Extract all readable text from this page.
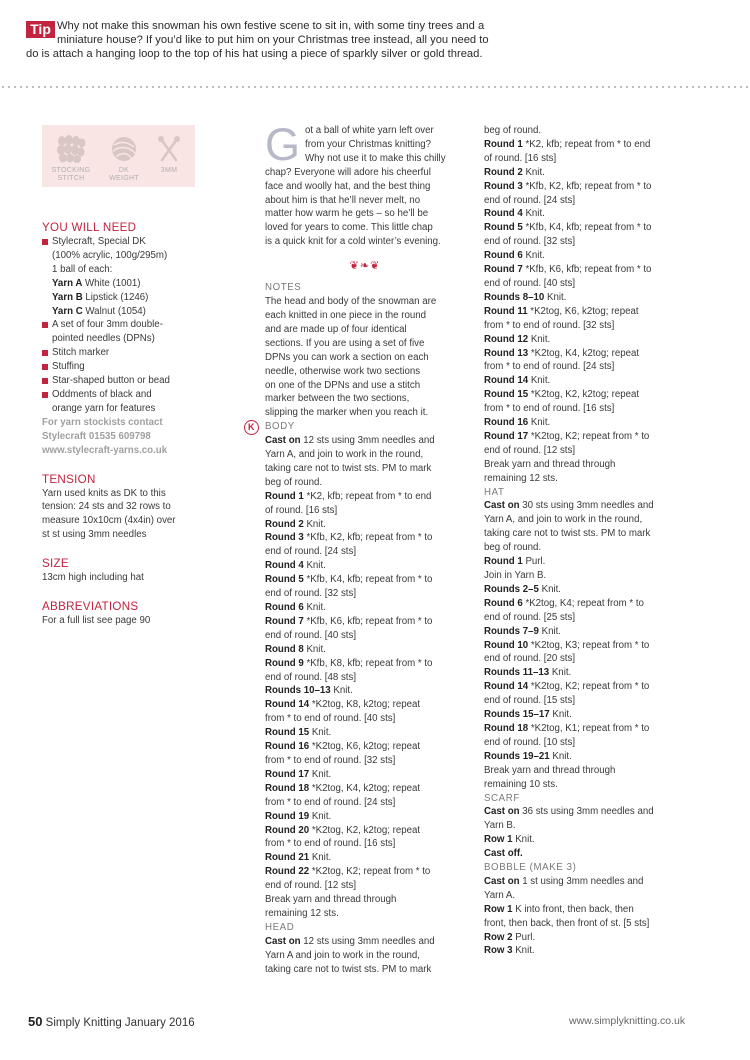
Tip Why not make this snowman his own festive scene to sit in, with some tiny trees and a
miniature house? If you’d like to put him on your Christmas tree instead, all you need to
do is attach a hanging loop to the top of his hat using a piece of sparkly silver or gold thread.
STOCKING
STITCH
DK
WEIGHT
3MM

YOU WILL NEED

Stylecraft, Special DK
(100% acrylic, 100g/295m)
1 ball of each:
Yarn A White (1001)
Yarn B Lipstick (1246)
Yarn C Walnut (1054)
A set of four 3mm double-
pointed needles (DPNs)
Stitch marker
Stuffing
Star-shaped button or bead
Oddments of black and
orange yarn for features

For yarn stockists contact
Stylecraft 01535 609798
www.stylecraft-yarns.co.uk

TENSION

Yarn used knits as DK to this
tension: 24 sts and 32 rows to
measure 10x10cm (4x4in) over
st st using 3mm needles

SIZE

13cm high including hat

ABBREVIATIONS

For a full list see page 90

G ot a ball of white yarn left over
from your Christmas knitting?
Why not use it to make this chilly
chap? Everyone will adore his cheerful
face and woolly hat, and the best thing
about him is that he’ll never melt, no
matter how warm he gets – so he’ll be
loved for years to come. This little chap
is a quick knit for a cold winter’s evening.
❦❧❦

NOTES

The head and body of the snowman are
each knitted in one piece in the round
and are made up of four identical
sections. If you are using a set of five
DPNs you can work a section on each
needle, otherwise work two sections
on one of the DPNs and use a stitch
marker between the two sections,
slipping the marker when you reach it.

K	BODY

Cast on 12 sts using 3mm needles and
Yarn A, and join to work in the round,
taking care not to twist sts. PM to mark
beg of round.
Round 1 *K2, kfb; repeat from * to end
of round. [16 sts]
Round 2 Knit.
Round 3 *Kfb, K2, kfb; repeat from * to
end of round. [24 sts]
Round 4 Knit.
Round 5 *Kfb, K4, kfb; repeat from * to
end of round. [32 sts]
Round 6 Knit.
Round 7 *Kfb, K6, kfb; repeat from * to
end of round. [40 sts]
Round 8 Knit.
Round 9 *Kfb, K8, kfb; repeat from * to
end of round. [48 sts]
Rounds 10–13 Knit.
Round 14 *K2tog, K8, k2tog; repeat
from * to end of round. [40 sts]
Round 15 Knit.
Round 16 *K2tog, K6, k2tog; repeat
from * to end of round. [32 sts]
Round 17 Knit.
Round 18 *K2tog, K4, k2tog; repeat
from * to end of round. [24 sts]
Round 19 Knit.
Round 20 *K2tog, K2, k2tog; repeat
from * to end of round. [16 sts]
Round 21 Knit.
Round 22 *K2tog, K2; repeat from * to
end of round. [12 sts]
Break yarn and thread through
remaining 12 sts.

HEAD

Cast on 12 sts using 3mm needles and
Yarn A and join to work in the round,
taking care not to twist sts. PM to mark

beg of round.
Round 1 *K2, kfb; repeat from * to end
of round. [16 sts]
Round 2 Knit.
Round 3 *Kfb, K2, kfb; repeat from * to
end of round. [24 sts]
Round 4 Knit.
Round 5 *Kfb, K4, kfb; repeat from * to
end of round. [32 sts]
Round 6 Knit.
Round 7 *Kfb, K6, kfb; repeat from * to
end of round. [40 sts]
Rounds 8–10 Knit.
Round 11 *K2tog, K6, k2tog; repeat
from * to end of round. [32 sts]
Round 12 Knit.
Round 13 *K2tog, K4, k2tog; repeat
from * to end of round. [24 sts]
Round 14 Knit.
Round 15 *K2tog, K2, k2tog; repeat
from * to end of round. [16 sts]
Round 16 Knit.
Round 17 *K2tog, K2; repeat from * to
end of round. [12 sts]
Break yarn and thread through
remaining 12 sts.

HAT

Cast on 30 sts using 3mm needles and
Yarn A, and join to work in the round,
taking care not to twist sts. PM to mark
beg of round.
Round 1 Purl.
Join in Yarn B.
Rounds 2–5 Knit.
Round 6 *K2tog, K4; repeat from * to
end of round. [25 sts]
Rounds 7–9 Knit.
Round 10 *K2tog, K3; repeat from * to
end of round. [20 sts]
Rounds 11–13 Knit.
Round 14 *K2tog, K2; repeat from * to
end of round. [15 sts]
Rounds 15–17 Knit.
Round 18 *K2tog, K1; repeat from * to
end of round. [10 sts]
Rounds 19–21 Knit.
Break yarn and thread through
remaining 10 sts.

SCARF

Cast on 36 sts using 3mm needles and
Yarn B.
Row 1 Knit.
Cast off.

BOBBLE (MAKE 3)

Cast on 1 st using 3mm needles and
Yarn A.
Row 1 K into front, then back, then
front, then back, then front of st. [5 sts]
Row 2 Purl.
Row 3 Knit.

50 Simply Knitting January 2016	www.simplyknitting.co.uk
